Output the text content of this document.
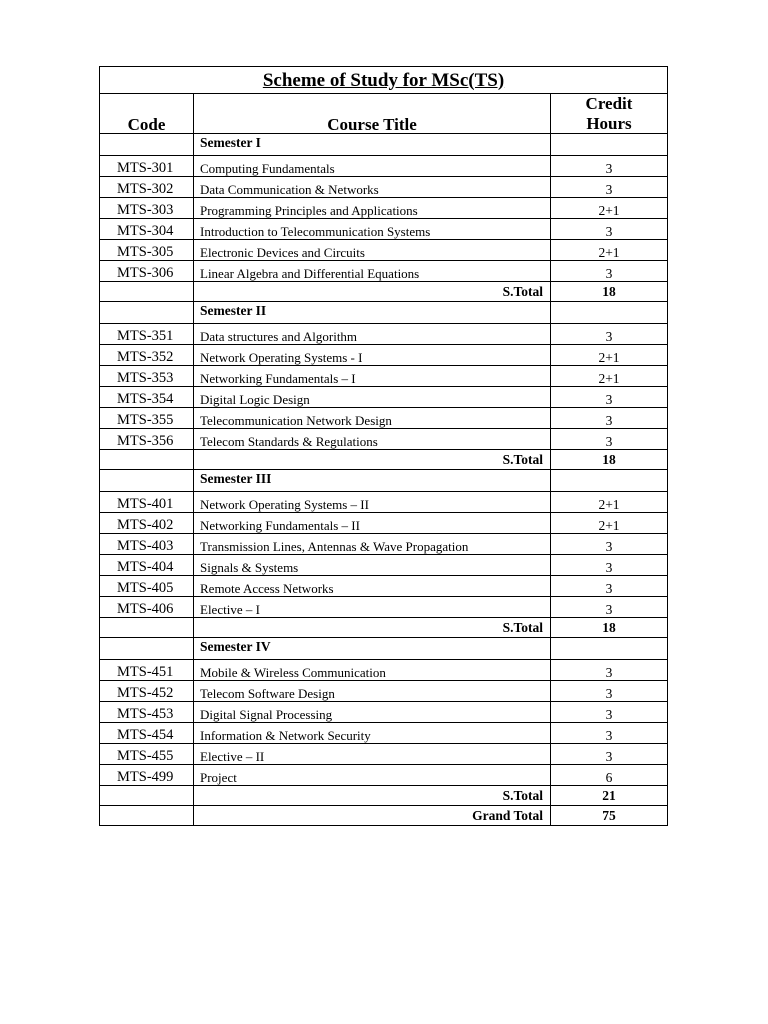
Scheme of Study for MSc(TS)		
Code	Course Title	Credit
Hours
	Semester I	
MTS-301	Computing Fundamentals	3
MTS-302	Data Communication & Networks	3
MTS-303	Programming Principles and Applications	2+1
MTS-304	Introduction to Telecommunication Systems	3
MTS-305	Electronic Devices and Circuits	2+1
MTS-306	Linear Algebra and Differential Equations	3
	S.Total	18
	Semester II	
MTS-351	Data structures and Algorithm	3
MTS-352	Network Operating Systems - I	2+1
MTS-353	Networking Fundamentals – I	2+1
MTS-354	Digital Logic Design	3
MTS-355	Telecommunication Network Design	3
MTS-356	Telecom Standards & Regulations	3
	S.Total	18
	Semester III	
MTS-401	Network Operating Systems – II	2+1
MTS-402	Networking Fundamentals – II	2+1
MTS-403	Transmission Lines, Antennas & Wave Propagation	3
MTS-404	Signals & Systems	3
MTS-405	Remote Access Networks	3
MTS-406	Elective – I	3
	S.Total	18
	Semester IV	
MTS-451	Mobile & Wireless Communication	3
MTS-452	Telecom Software Design	3
MTS-453	Digital Signal Processing	3
MTS-454	Information & Network Security	3
MTS-455	Elective – II	3
MTS-499	Project	6
	S.Total	21
	Grand Total	75
